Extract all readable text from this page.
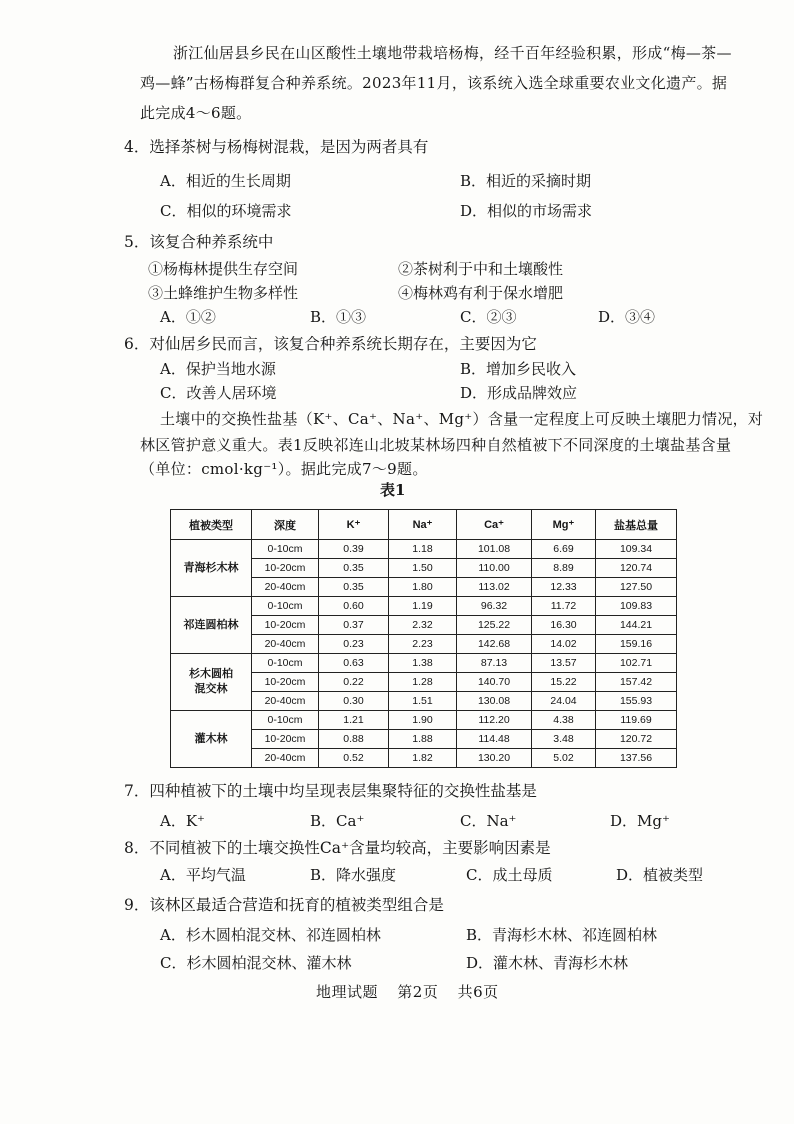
浙江仙居县乡民在山区酸性土壤地带栽培杨梅，经千百年经验积累，形成“梅—茶—
鸡—蜂”古杨梅群复合种养系统。2023年11月，该系统入选全球重要农业文化遗产。据
此完成4～6题。
4．选择茶树与杨梅树混栽，是因为两者具有
A．相近的生长周期	B．相近的采摘时期
C．相似的环境需求	D．相似的市场需求
5．该复合种养系统中
①杨梅林提供生存空间	②茶树利于中和土壤酸性
③土蜂维护生物多样性	④梅林鸡有利于保水增肥
A．①②	B．①③	C．②③	D．③④
6．对仙居乡民而言，该复合种养系统长期存在，主要因为它
A．保护当地水源	B．增加乡民收入
C．改善人居环境	D．形成品牌效应
土壤中的交换性盐基（K⁺、Ca⁺、Na⁺、Mg⁺）含量一定程度上可反映土壤肥力情况，对
林区管护意义重大。表1反映祁连山北坡某林场四种自然植被下不同深度的土壤盐基含量
（单位：cmol·kg⁻¹）。据此完成7～9题。
表1
植被类型	深度	K⁺	Na⁺	Ca⁺	Mg⁺	盐基总量
青海杉木林	0-10cm	0.39	1.18	101.08	6.69	109.34
	10-20cm	0.35	1.50	110.00	8.89	120.74
	20-40cm	0.35	1.80	113.02	12.33	127.50
祁连圆柏林	0-10cm	0.60	1.19	96.32	11.72	109.83
	10-20cm	0.37	2.32	125.22	16.30	144.21
	20-40cm	0.23	2.23	142.68	14.02	159.16
杉木圆柏
混交林	0-10cm	0.63	1.38	87.13	13.57	102.71
	10-20cm	0.22	1.28	140.70	15.22	157.42
	20-40cm	0.30	1.51	130.08	24.04	155.93
灌木林	0-10cm	1.21	1.90	112.20	4.38	119.69
	10-20cm	0.88	1.88	114.48	3.48	120.72
	20-40cm	0.52	1.82	130.20	5.02	137.56
7．四种植被下的土壤中均呈现表层集聚特征的交换性盐基是
A．K⁺	B．Ca⁺	C．Na⁺	D．Mg⁺
8．不同植被下的土壤交换性Ca⁺含量均较高，主要影响因素是
A．平均气温	B．降水强度	C．成土母质	D．植被类型
9．该林区最适合营造和抚育的植被类型组合是
A．杉木圆柏混交林、祁连圆柏林	B．青海杉木林、祁连圆柏林
C．杉木圆柏混交林、灌木林	D．灌木林、青海杉木林
地理试题 第2页 共6页
